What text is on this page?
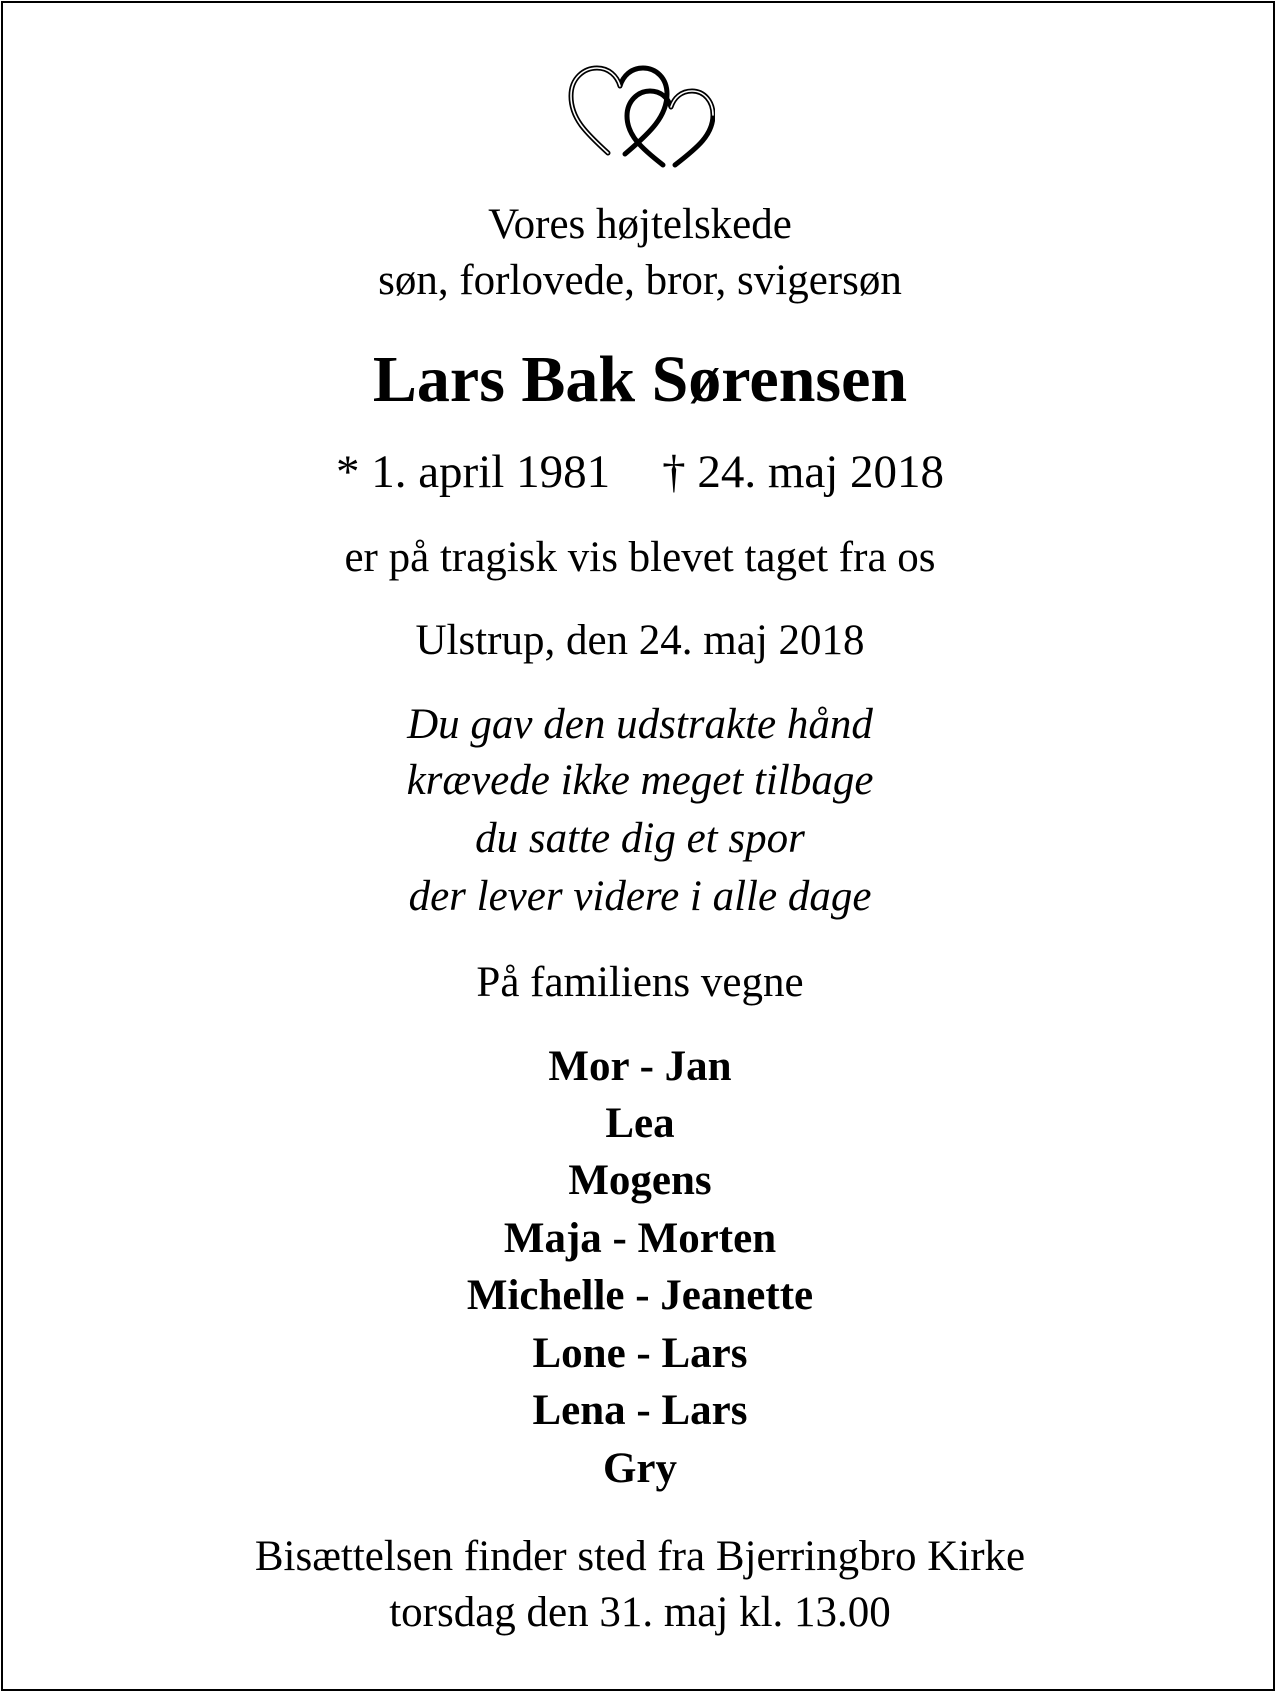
Vores højtelskede
søn, forlovede, bror, svigersøn
Lars Bak Sørensen
* 1. april 1981 † 24. maj 2018
er på tragisk vis blevet taget fra os
Ulstrup, den 24. maj 2018
Du gav den udstrakte hånd
krævede ikke meget tilbage
du satte dig et spor
der lever videre i alle dage
På familiens vegne
Mor - Jan
Lea
Mogens
Maja - Morten
Michelle - Jeanette
Lone - Lars
Lena - Lars
Gry
Bisættelsen finder sted fra Bjerringbro Kirke
torsdag den 31. maj kl. 13.00
